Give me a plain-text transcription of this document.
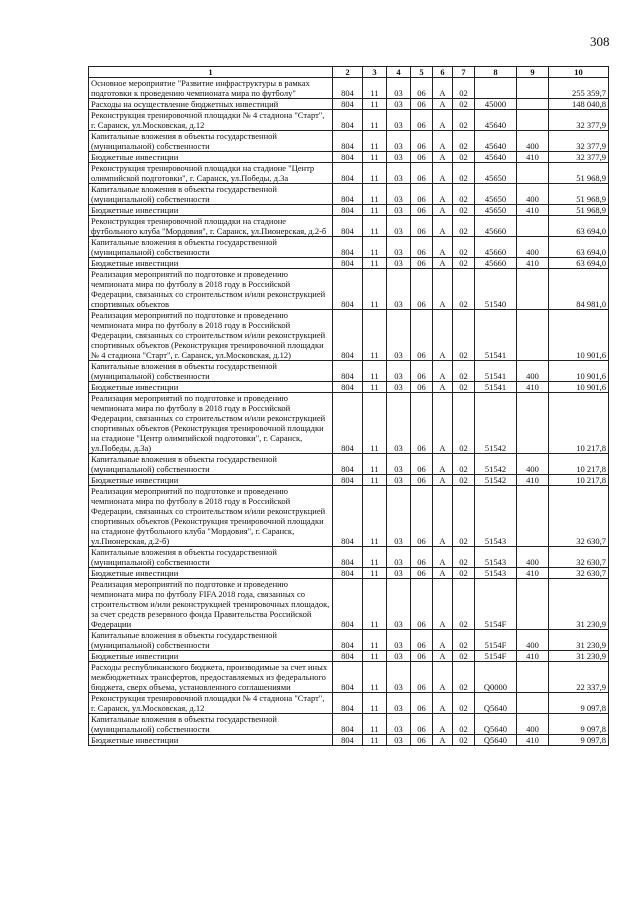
308
1	2	3	4	5	6	7	8	9	10
Основное мероприятие "Развитие инфраструктуры в рамках подготовки к проведению чемпионата мира по футболу"	804	11	03	06	А	02			255 359,7
Расходы на осуществление бюджетных инвестиций	804	11	03	06	А	02	45000		148 040,8
Реконструкция тренировочной площадки № 4 стадиона "Старт", г. Саранск, ул.Московская, д.12	804	11	03	06	А	02	45640		32 377,9
Капитальные вложения в объекты государственной (муниципальной) собственности	804	11	03	06	А	02	45640	400	32 377,9
Бюджетные инвестиции	804	11	03	06	А	02	45640	410	32 377,9
Реконструкция тренировочной площадки на стадионе "Центр олимпийской подготовки", г. Саранск, ул.Победы, д.3а	804	11	03	06	А	02	45650		51 968,9
Капитальные вложения в объекты государственной (муниципальной) собственности	804	11	03	06	А	02	45650	400	51 968,9
Бюджетные инвестиции	804	11	03	06	А	02	45650	410	51 968,9
Реконструкция тренировочной площадки на стадионе футбольного клуба "Мордовия", г. Саранск, ул.Пионерская, д.2-б	804	11	03	06	А	02	45660		63 694,0
Капитальные вложения в объекты государственной (муниципальной) собственности	804	11	03	06	А	02	45660	400	63 694,0
Бюджетные инвестиции	804	11	03	06	А	02	45660	410	63 694,0
Реализация мероприятий по подготовке и проведению чемпионата мира по футболу в 2018 году в Российской Федерации, связанных со строительством и/или реконструкцией спортивных объектов	804	11	03	06	А	02	51540		84 981,0
Реализация мероприятий по подготовке и проведению чемпионата мира по футболу в 2018 году в Российской Федерации, связанных со строительством и/или реконструкцией спортивных объектов (Реконструкция тренировочной площадки № 4 стадиона "Старт", г. Саранск, ул.Московская, д.12)	804	11	03	06	А	02	51541		10 901,6
Капитальные вложения в объекты государственной (муниципальной) собственности	804	11	03	06	А	02	51541	400	10 901,6
Бюджетные инвестиции	804	11	03	06	А	02	51541	410	10 901,6
Реализация мероприятий по подготовке и проведению чемпионата мира по футболу в 2018 году в Российской Федерации, связанных со строительством и/или реконструкцией спортивных объектов (Реконструкция тренировочной площадки на стадионе "Центр олимпийской подготовки", г. Саранск, ул.Победы, д.3а)	804	11	03	06	А	02	51542		10 217,8
Капитальные вложения в объекты государственной (муниципальной) собственности	804	11	03	06	А	02	51542	400	10 217,8
Бюджетные инвестиции	804	11	03	06	А	02	51542	410	10 217,8
Реализация мероприятий по подготовке и проведению чемпионата мира по футболу в 2018 году в Российской Федерации, связанных со строительством и/или реконструкцией спортивных объектов (Реконструкция тренировочной площадки на стадионе футбольного клуба "Мордовия", г. Саранск, ул.Пионерская, д.2-б)	804	11	03	06	А	02	51543		32 630,7
Капитальные вложения в объекты государственной (муниципальной) собственности	804	11	03	06	А	02	51543	400	32 630,7
Бюджетные инвестиции	804	11	03	06	А	02	51543	410	32 630,7
Реализация мероприятий по подготовке и проведению чемпионата мира по футболу FIFA 2018 года, связанных со строительством и/или реконструкцией тренировочных площадок, за счет средств резервного фонда Правительства Российской Федерации	804	11	03	06	А	02	5154F		31 230,9
Капитальные вложения в объекты государственной (муниципальной) собственности	804	11	03	06	А	02	5154F	400	31 230,9
Бюджетные инвестиции	804	11	03	06	А	02	5154F	410	31 230,9
Расходы республиканского бюджета, производимые за счет иных межбюджетных трансфертов, предоставляемых из федерального бюджета, сверх объема, установленного соглашениями	804	11	03	06	А	02	Q0000		22 337,9
Реконструкция тренировочной площадки № 4 стадиона "Старт", г. Саранск, ул.Московская, д.12	804	11	03	06	А	02	Q5640		9 097,8
Капитальные вложения в объекты государственной (муниципальной) собственности	804	11	03	06	А	02	Q5640	400	9 097,8
Бюджетные инвестиции	804	11	03	06	А	02	Q5640	410	9 097,8
